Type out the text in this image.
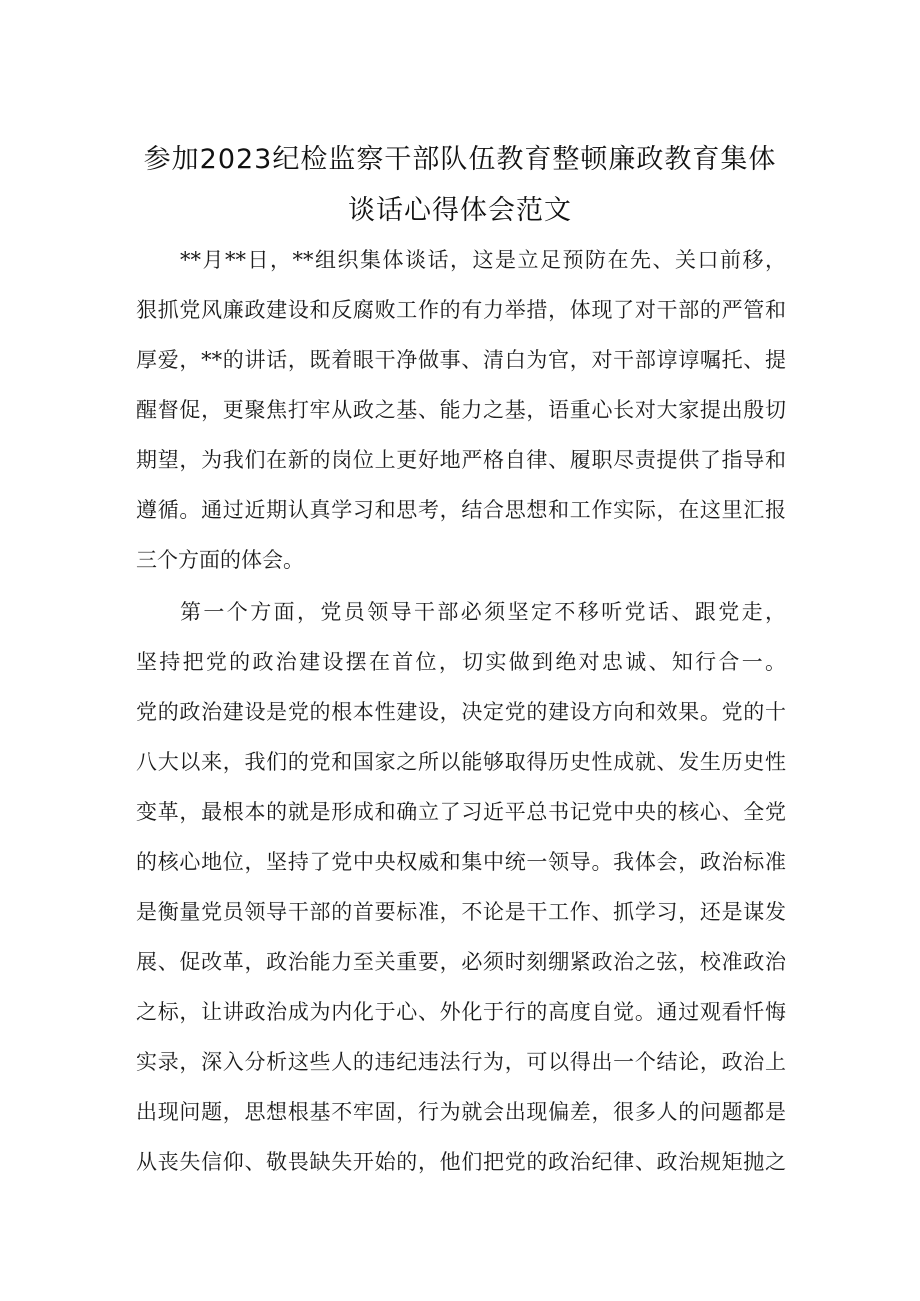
参加2023纪检监察干部队伍教育整顿廉政教育集体
谈话心得体会范文
**月**日，**组织集体谈话，这是立足预防在先、关口前移，
狠抓党风廉政建设和反腐败工作的有力举措，体现了对干部的严管和
厚爱，**的讲话，既着眼干净做事、清白为官，对干部谆谆嘱托、提
醒督促，更聚焦打牢从政之基、能力之基，语重心长对大家提出殷切
期望，为我们在新的岗位上更好地严格自律、履职尽责提供了指导和
遵循。通过近期认真学习和思考，结合思想和工作实际，在这里汇报
三个方面的体会。
第一个方面，党员领导干部必须坚定不移听党话、跟党走，
坚持把党的政治建设摆在首位，切实做到绝对忠诚、知行合一。
党的政治建设是党的根本性建设，决定党的建设方向和效果。党的十
八大以来，我们的党和国家之所以能够取得历史性成就、发生历史性
变革，最根本的就是形成和确立了习近平总书记党中央的核心、全党
的核心地位，坚持了党中央权威和集中统一领导。我体会，政治标准
是衡量党员领导干部的首要标准，不论是干工作、抓学习，还是谋发
展、促改革，政治能力至关重要，必须时刻绷紧政治之弦，校准政治
之标，让讲政治成为内化于心、外化于行的高度自觉。通过观看忏悔
实录，深入分析这些人的违纪违法行为，可以得出一个结论，政治上
出现问题，思想根基不牢固，行为就会出现偏差，很多人的问题都是
从丧失信仰、敬畏缺失开始的，他们把党的政治纪律、政治规矩抛之
